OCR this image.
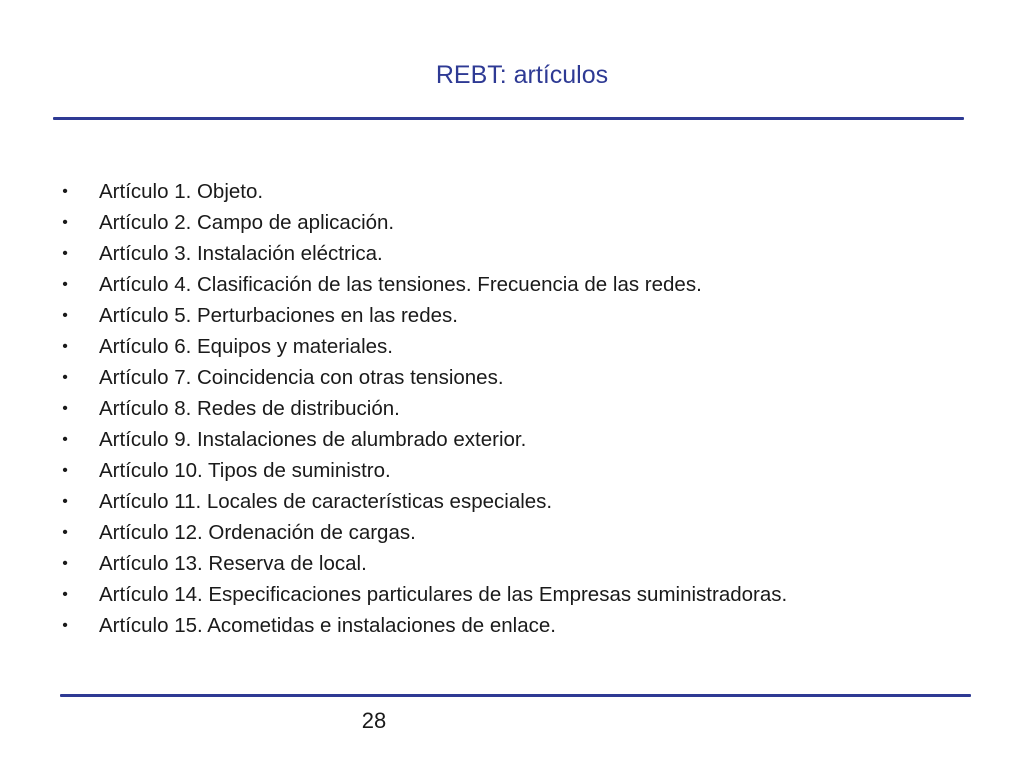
REBT: artículos
• Artículo 1. Objeto.
• Artículo 2. Campo de aplicación.
• Artículo 3. Instalación eléctrica.
• Artículo 4. Clasificación de las tensiones. Frecuencia de las redes.
• Artículo 5. Perturbaciones en las redes.
• Artículo 6. Equipos y materiales.
• Artículo 7. Coincidencia con otras tensiones.
• Artículo 8. Redes de distribución.
• Artículo 9. Instalaciones de alumbrado exterior.
• Artículo 10. Tipos de suministro.
• Artículo 11. Locales de características especiales.
• Artículo 12. Ordenación de cargas.
• Artículo 13. Reserva de local.
• Artículo 14. Especificaciones particulares de las Empresas suministradoras.
• Artículo 15. Acometidas e instalaciones de enlace.
28
